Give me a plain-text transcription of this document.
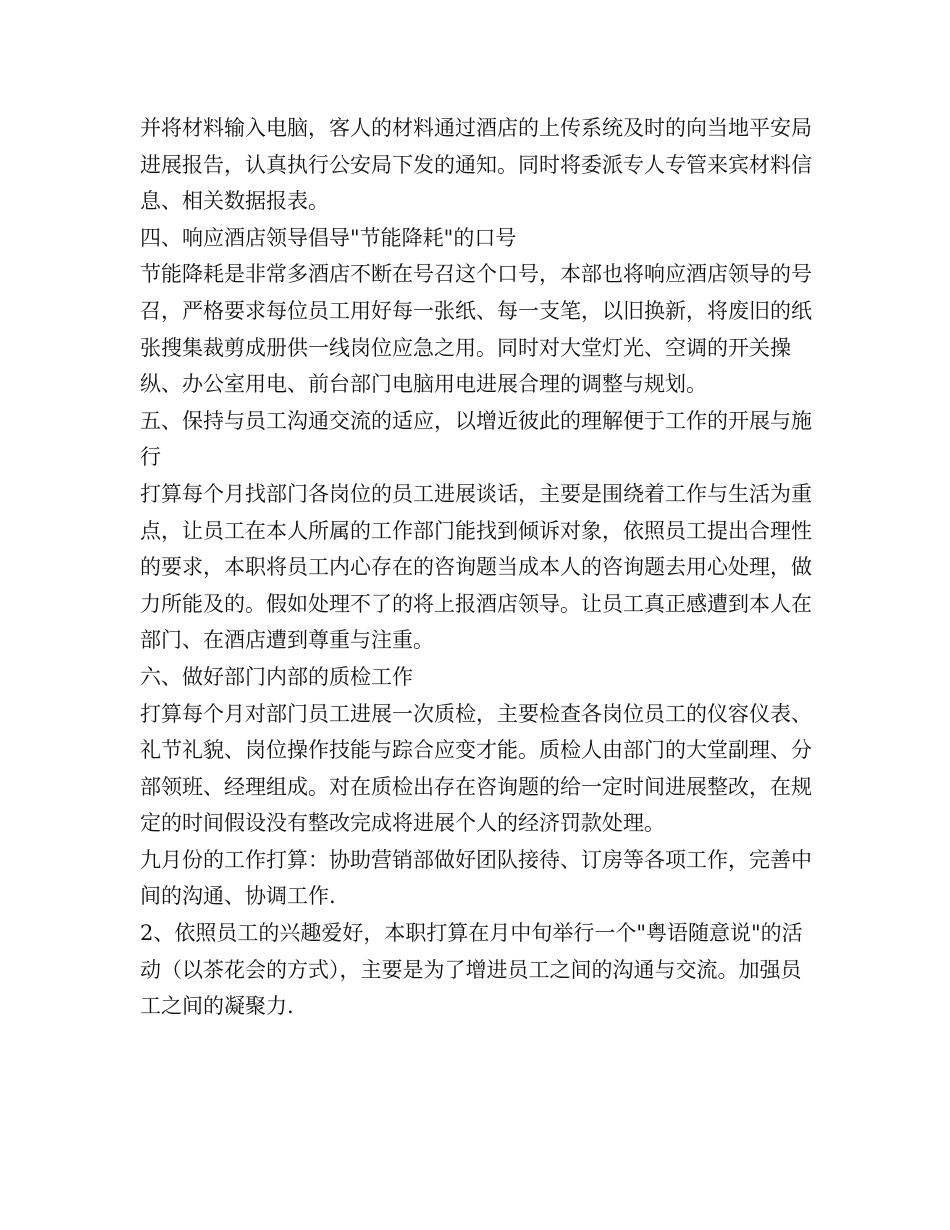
并将材料输入电脑，客人的材料通过酒店的上传系统及时的向当地平安局进展报告，认真执行公安局下发的通知。同时将委派专人专管来宾材料信息、相关数据报表。

四、响应酒店领导倡导"节能降耗"的口号

节能降耗是非常多酒店不断在号召这个口号，本部也将响应酒店领导的号召，严格要求每位员工用好每一张纸、每一支笔，以旧换新，将废旧的纸张搜集裁剪成册供一线岗位应急之用。同时对大堂灯光、空调的开关操纵、办公室用电、前台部门电脑用电进展合理的调整与规划。

五、保持与员工沟通交流的适应，以增近彼此的理解便于工作的开展与施行

打算每个月找部门各岗位的员工进展谈话，主要是围绕着工作与生活为重点，让员工在本人所属的工作部门能找到倾诉对象，依照员工提出合理性的要求，本职将员工内心存在的咨询题当成本人的咨询题去用心处理，做力所能及的。假如处理不了的将上报酒店领导。让员工真正感遭到本人在部门、在酒店遭到尊重与注重。

六、做好部门内部的质检工作

打算每个月对部门员工进展一次质检，主要检查各岗位员工的仪容仪表、礼节礼貌、岗位操作技能与踪合应变才能。质检人由部门的大堂副理、分部领班、经理组成。对在质检出存在咨询题的给一定时间进展整改，在规定的时间假设没有整改完成将进展个人的经济罚款处理。

九月份的工作打算：协助营销部做好团队接待、订房等各项工作，完善中间的沟通、协调工作.

2、依照员工的兴趣爱好，本职打算在月中旬举行一个"粤语随意说"的活动（以茶花会的方式），主要是为了增进员工之间的沟通与交流。加强员工之间的凝聚力.
